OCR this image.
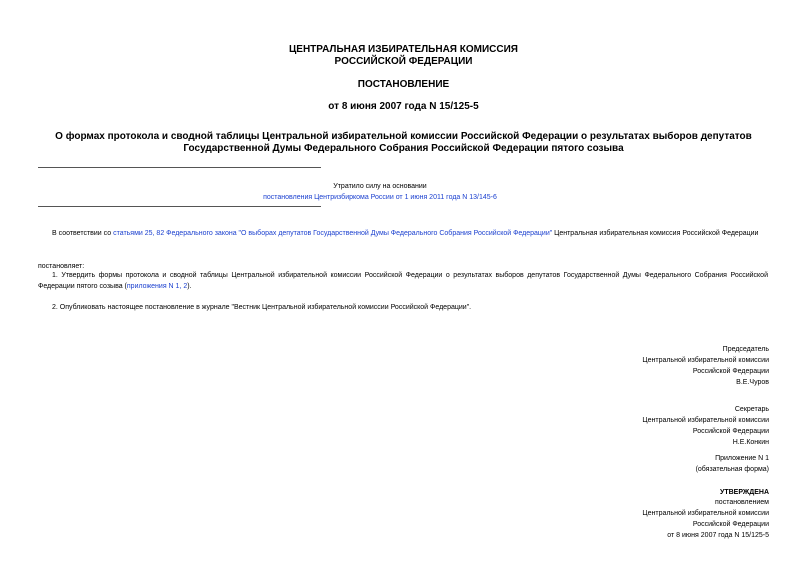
ЦЕНТРАЛЬНАЯ ИЗБИРАТЕЛЬНАЯ КОМИССИЯ
РОССИЙСКОЙ ФЕДЕРАЦИИ
ПОСТАНОВЛЕНИЕ
от 8 июня 2007 года N 15/125-5
О формах протокола и сводной таблицы Центральной избирательной комиссии Российской Федерации о результатах выборов депутатов Государственной Думы Федерального Собрания Российской Федерации пятого созыва
Утратило силу на основании
постановления Центризбиркома России от 1 июня 2011 года N 13/145-6
В соответствии со статьями 25, 82 Федерального закона "О выборах депутатов Государственной Думы Федерального Собрания Российской Федерации" Центральная избирательная комиссия Российской Федерации
постановляет:
1. Утвердить формы протокола и сводной таблицы Центральной избирательной комиссии Российской Федерации о результатах выборов депутатов Государственной Думы Федерального Собрания Российской Федерации пятого созыва (приложения N 1, 2).
2. Опубликовать настоящее постановление в журнале "Вестник Центральной избирательной комиссии Российской Федерации".
Председатель
Центральной избирательной комиссии
Российской Федерации
В.Е.Чуров
Секретарь
Центральной избирательной комиссии
Российской Федерации
Н.Е.Конкин
Приложение N 1
(обязательная форма)
УТВЕРЖДЕНА
постановлением
Центральной избирательной комиссии
Российской Федерации
от 8 июня 2007 года N 15/125-5
